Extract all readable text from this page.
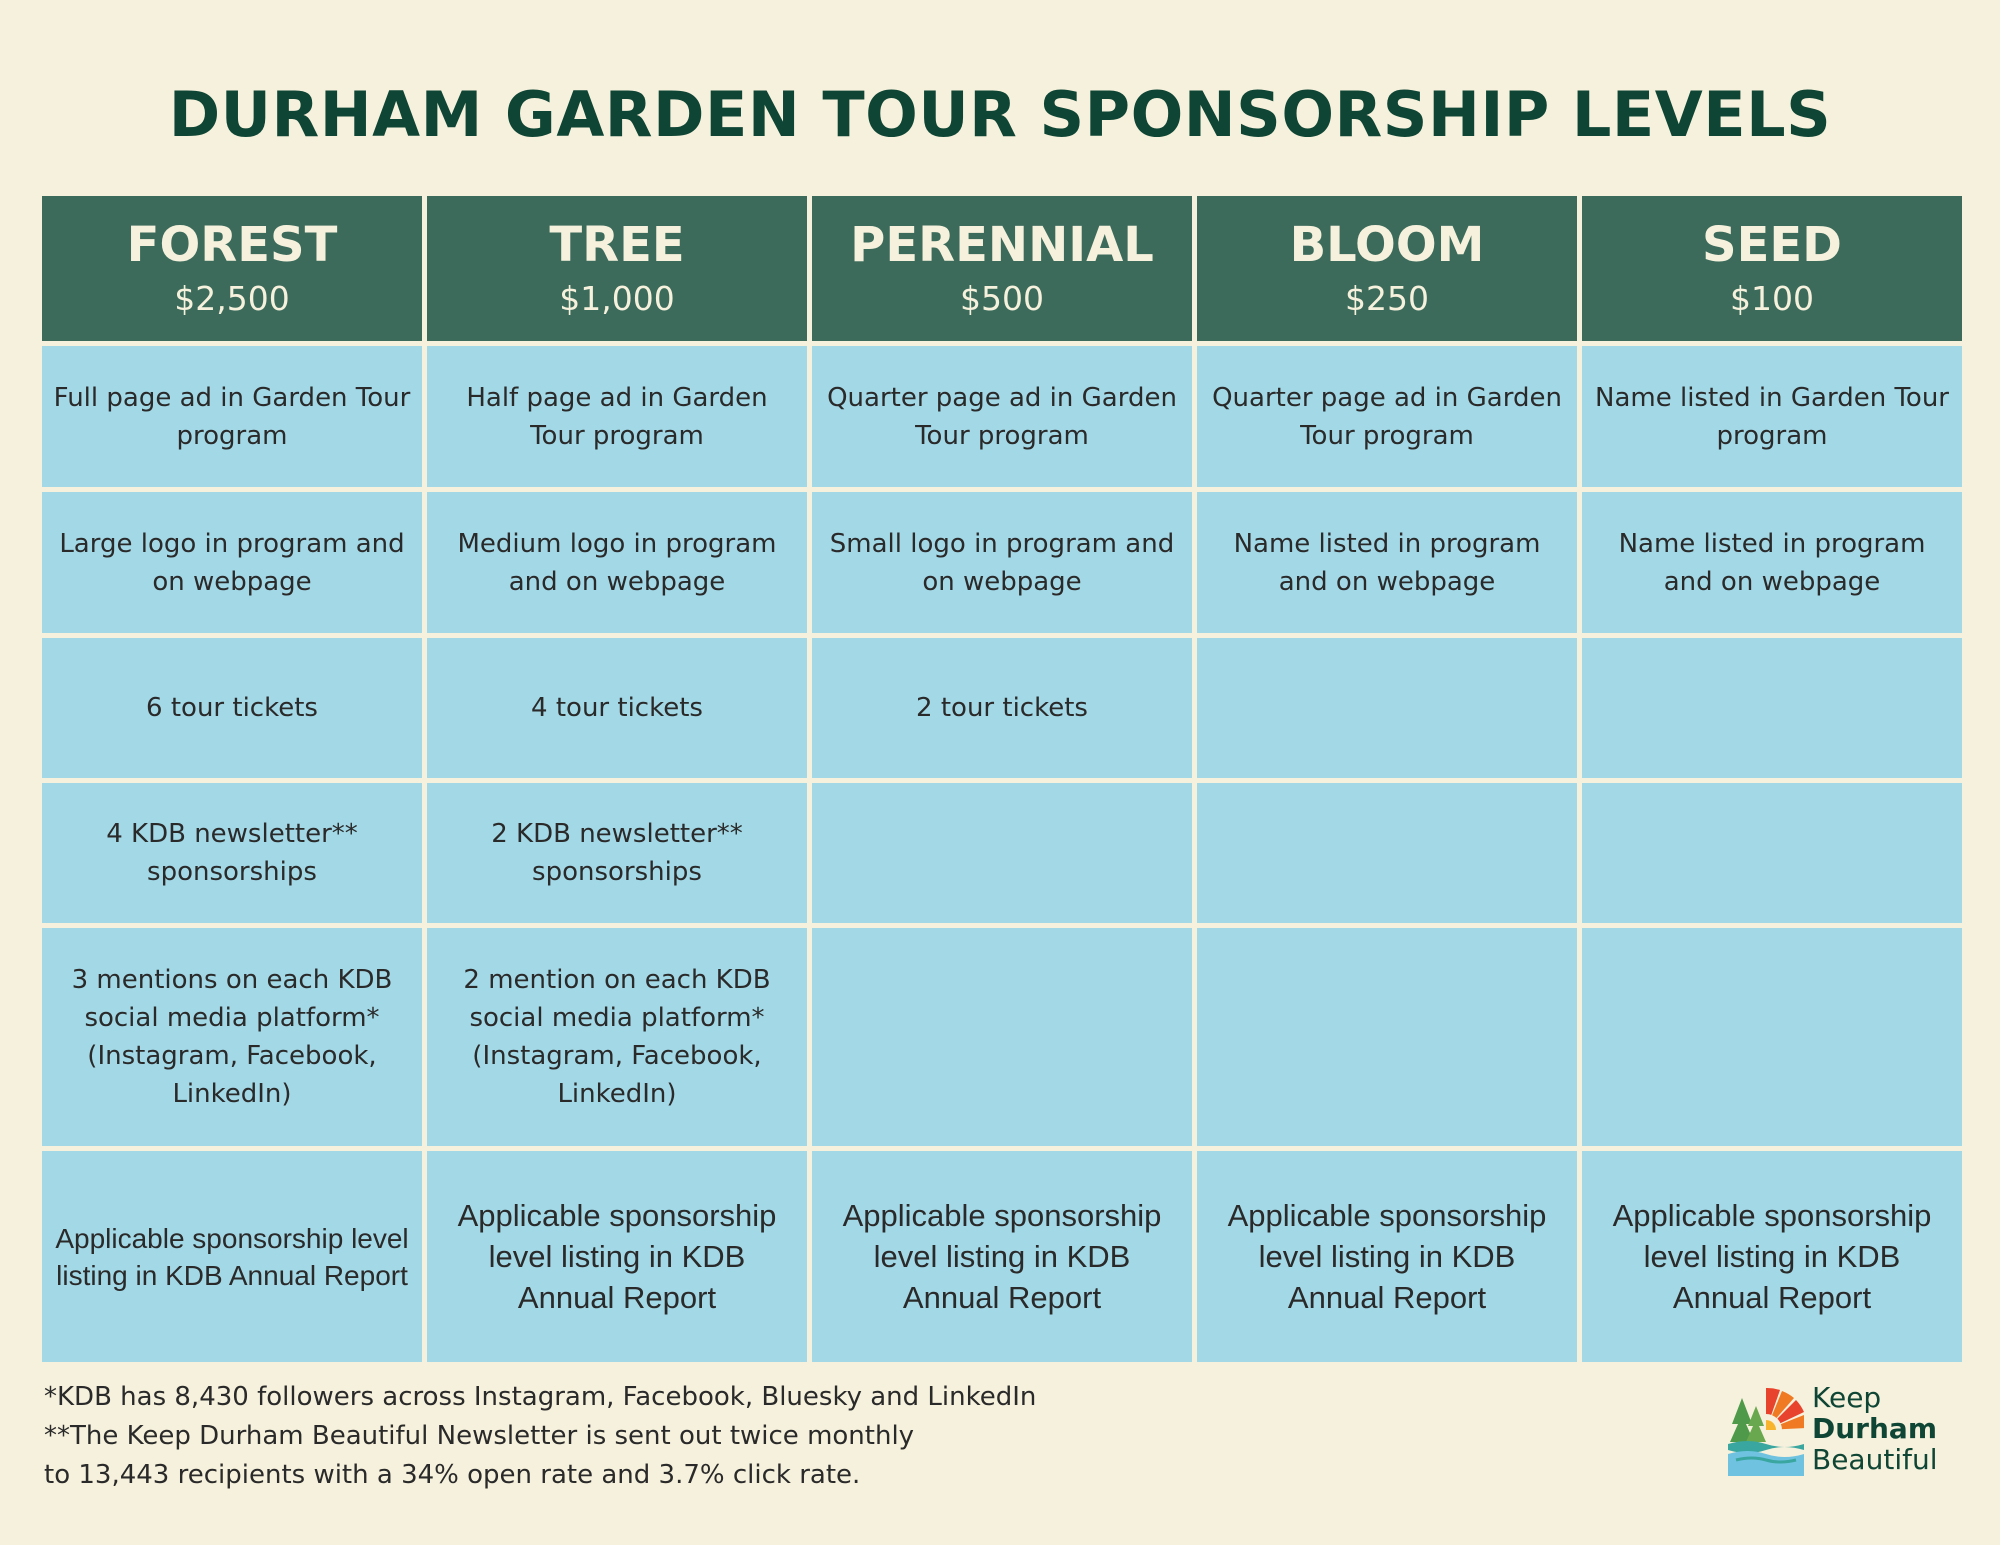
DURHAM GARDEN TOUR SPONSORSHIP LEVELS
FOREST
$2,500
TREE
$1,000
PERENNIAL
$500
BLOOM
$250
SEED
$100
Full page ad in Garden Tour program
Half page ad in Garden Tour program
Quarter page ad in Garden Tour program
Quarter page ad in Garden Tour program
Name listed in Garden Tour program
Large logo in program and on webpage
Medium logo in program and on webpage
Small logo in program and on webpage
Name listed in program and on webpage
Name listed in program and on webpage
6 tour tickets	4 tour tickets	2 tour tickets
4 KDB newsletter** sponsorships
2 KDB newsletter** sponsorships
3 mentions on each KDB social media platform* (Instagram, Facebook, LinkedIn)
2 mention on each KDB social media platform* (Instagram, Facebook, LinkedIn)
Applicable sponsorship level listing in KDB Annual Report
Applicable sponsorship level listing in KDB Annual Report
Applicable sponsorship level listing in KDB Annual Report
Applicable sponsorship level listing in KDB Annual Report
Applicable sponsorship level listing in KDB Annual Report
*KDB has 8,430 followers across Instagram, Facebook, Bluesky and LinkedIn
**The Keep Durham Beautiful Newsletter is sent out twice monthly
to 13,443 recipients with a 34% open rate and 3.7% click rate.
Keep
Durham
Beautiful
